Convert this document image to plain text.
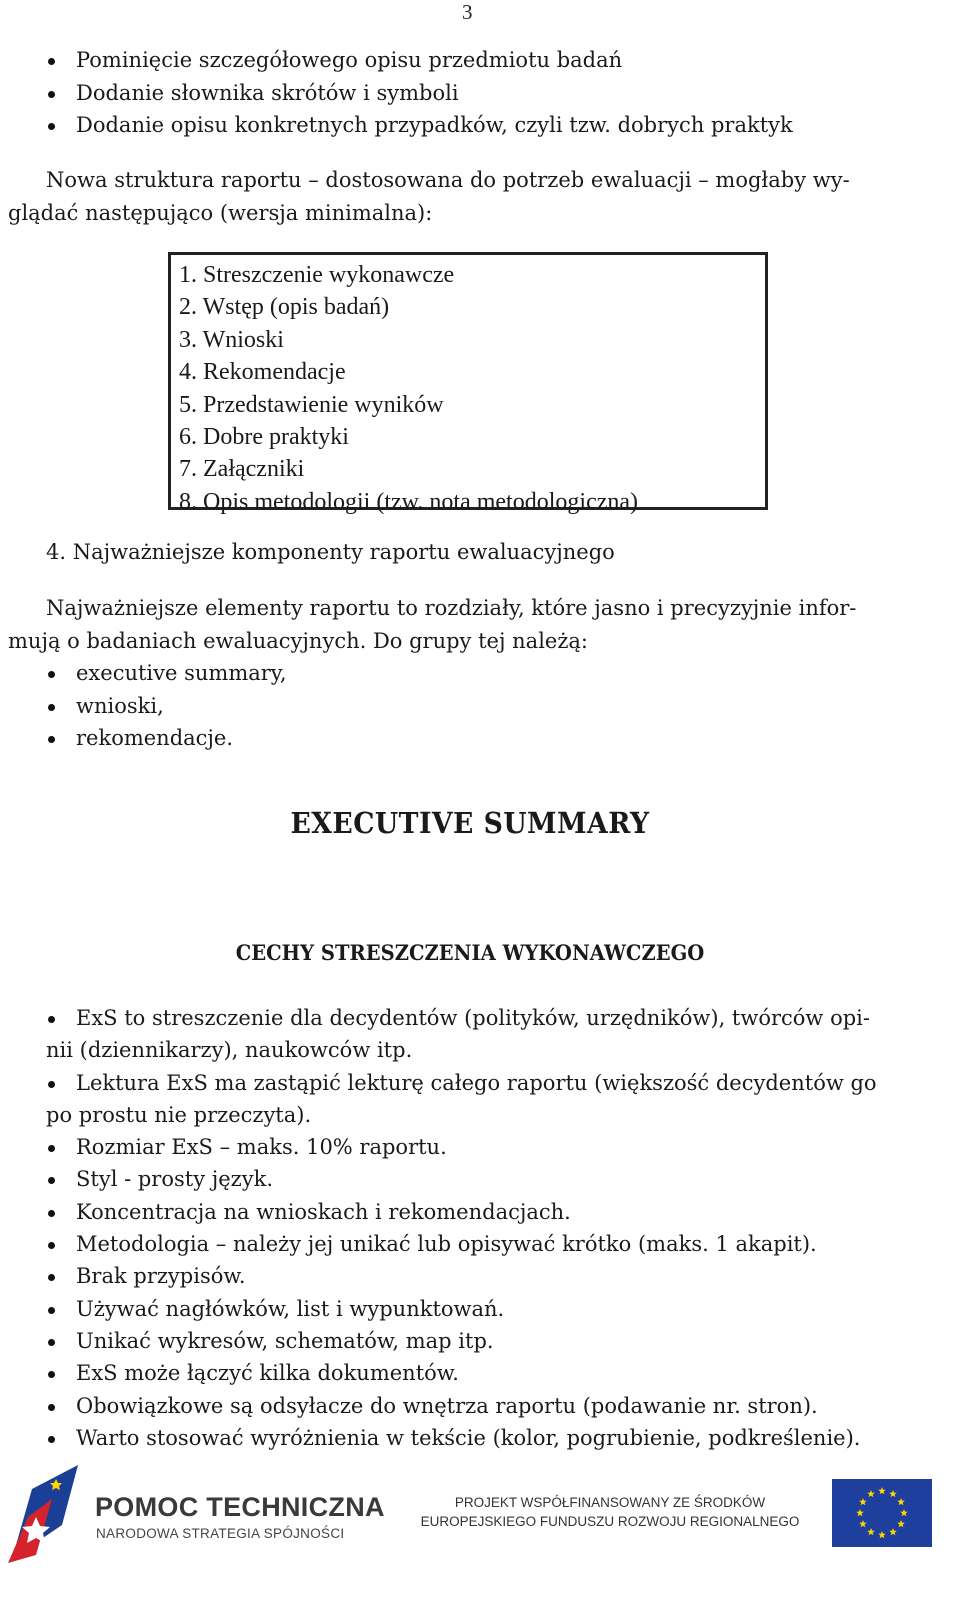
3
Pominięcie szczegółowego opisu przedmiotu badań
Dodanie słownika skrótów i symboli
Dodanie opisu konkretnych przypadków, czyli tzw. dobrych praktyk
Nowa struktura raportu – dostosowana do potrzeb ewaluacji – mogłaby wy-
glądać następująco (wersja minimalna):
1. Streszczenie wykonawcze
2. Wstęp (opis badań)
3. Wnioski
4. Rekomendacje
5. Przedstawienie wyników
6. Dobre praktyki
7. Załączniki
8. Opis metodologii (tzw. nota metodologiczna)
4. Najważniejsze komponenty raportu ewaluacyjnego
Najważniejsze elementy raportu to rozdziały, które jasno i precyzyjnie infor-
mują o badaniach ewaluacyjnych. Do grupy tej należą:
executive summary,
wnioski,
rekomendacje.
EXECUTIVE SUMMARY
CECHY STRESZCZENIA WYKONAWCZEGO
ExS to streszczenie dla decydentów (polityków, urzędników), twórców opi-
nii (dziennikarzy), naukowców itp.
Lektura ExS ma zastąpić lekturę całego raportu (większość decydentów go
po prostu nie przeczyta).
Rozmiar ExS – maks. 10% raportu.
Styl - prosty język.
Koncentracja na wnioskach i rekomendacjach.
Metodologia – należy jej unikać lub opisywać krótko (maks. 1 akapit).
Brak przypisów.
Używać nagłówków, list i wypunktowań.
Unikać wykresów, schematów, map itp.
ExS może łączyć kilka dokumentów.
Obowiązkowe są odsyłacze do wnętrza raportu (podawanie nr. stron).
Warto stosować wyróżnienia w tekście (kolor, pogrubienie, podkreślenie).
POMOC TECHNICZNA
NARODOWA STRATEGIA SPÓJNOŚCI
PROJEKT WSPÓŁFINANSOWANY ZE ŚRODKÓW
EUROPEJSKIEGO FUNDUSZU ROZWOJU REGIONALNEGO
